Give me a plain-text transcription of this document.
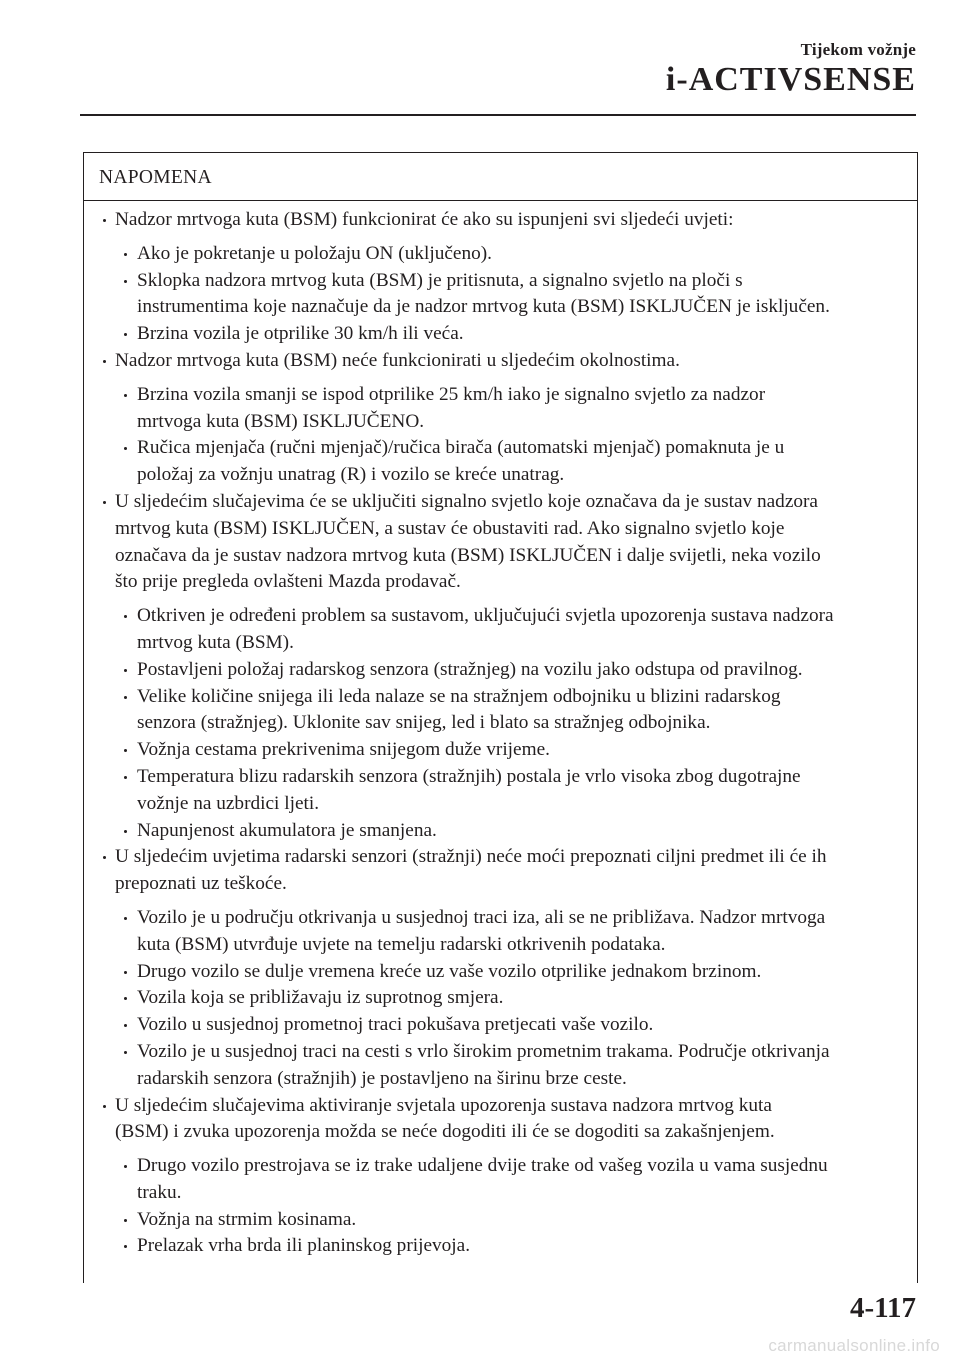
Tijekom vožnje
i-ACTIVSENSE
NAPOMENA
Nadzor mrtvoga kuta (BSM) funkcionirat će ako su ispunjeni svi sljedeći uvjeti:
Ako je pokretanje u položaju ON (uključeno).
Sklopka nadzora mrtvog kuta (BSM) je pritisnuta, a signalno svjetlo na ploči s
instrumentima koje naznačuje da je nadzor mrtvog kuta (BSM) ISKLJUČEN je isključen.
Brzina vozila je otprilike 30 km/h ili veća.
Nadzor mrtvoga kuta (BSM) neće funkcionirati u sljedećim okolnostima.
Brzina vozila smanji se ispod otprilike 25 km/h iako je signalno svjetlo za nadzor
mrtvoga kuta (BSM) ISKLJUČENO.
Ručica mjenjača (ručni mjenjač)/ručica birača (automatski mjenjač) pomaknuta je u
položaj za vožnju unatrag (R) i vozilo se kreće unatrag.
U sljedećim slučajevima će se uključiti signalno svjetlo koje označava da je sustav nadzora
mrtvog kuta (BSM) ISKLJUČEN, a sustav će obustaviti rad. Ako signalno svjetlo koje
označava da je sustav nadzora mrtvog kuta (BSM) ISKLJUČEN i dalje svijetli, neka vozilo
što prije pregleda ovlašteni Mazda prodavač.
Otkriven je određeni problem sa sustavom, uključujući svjetla upozorenja sustava nadzora
mrtvog kuta (BSM).
Postavljeni položaj radarskog senzora (stražnjeg) na vozilu jako odstupa od pravilnog.
Velike količine snijega ili leda nalaze se na stražnjem odbojniku u blizini radarskog
senzora (stražnjeg). Uklonite sav snijeg, led i blato sa stražnjeg odbojnika.
Vožnja cestama prekrivenima snijegom duže vrijeme.
Temperatura blizu radarskih senzora (stražnjih) postala je vrlo visoka zbog dugotrajne
vožnje na uzbrdici ljeti.
Napunjenost akumulatora je smanjena.
U sljedećim uvjetima radarski senzori (stražnji) neće moći prepoznati ciljni predmet ili će ih
prepoznati uz teškoće.
Vozilo je u području otkrivanja u susjednoj traci iza, ali se ne približava. Nadzor mrtvoga
kuta (BSM) utvrđuje uvjete na temelju radarski otkrivenih podataka.
Drugo vozilo se dulje vremena kreće uz vaše vozilo otprilike jednakom brzinom.
Vozila koja se približavaju iz suprotnog smjera.
Vozilo u susjednoj prometnoj traci pokušava pretjecati vaše vozilo.
Vozilo je u susjednoj traci na cesti s vrlo širokim prometnim trakama. Područje otkrivanja
radarskih senzora (stražnjih) je postavljeno na širinu brze ceste.
U sljedećim slučajevima aktiviranje svjetala upozorenja sustava nadzora mrtvog kuta
(BSM) i zvuka upozorenja možda se neće dogoditi ili će se dogoditi sa zakašnjenjem.
Drugo vozilo prestrojava se iz trake udaljene dvije trake od vašeg vozila u vama susjednu
traku.
Vožnja na strmim kosinama.
Prelazak vrha brda ili planinskog prijevoja.
4-117
carmanualsonline.info
